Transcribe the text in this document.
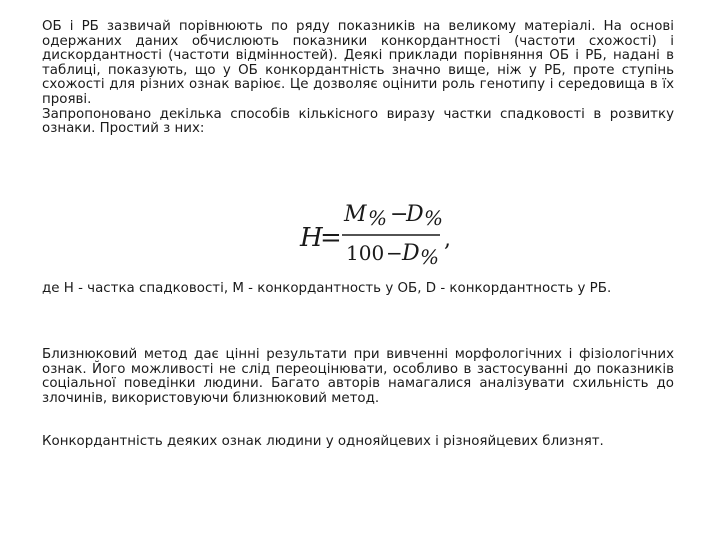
ОБ і РБ зазвичай порівнюють по ряду показників на великому матеріалі. На основі одержаних даних обчислюють показники конкордантності (частоти схожості) і дискордантності (частоти відмінностей). Деякі приклади порівняння ОБ і РБ, надані в таблиці, показують, що у ОБ конкордантність значно вище, ніж у РБ, проте ступінь схожості для різних ознак варіює. Це дозволяє оцінити роль генотипу і середовища в їх прояві.

Запропоновано декілька способів кількісного виразу частки спадковості в розвитку ознаки. Простий з них:

H
=
M % −
D %
100 − D %
,

де Н - частка спадковості, М - конкордантность у ОБ, D - конкордантность у РБ.

Близнюковий метод дає цінні результати при вивченні морфологічних і фізіологічних ознак. Його можливості не слід переоцінювати, особливо в застосуванні до показників соціальної поведінки людини. Багато авторів намагалися аналізувати схильність до злочинів, використовуючи близнюковий метод.

Конкордантність деяких ознак людини у однояйцевих і різнояйцевих близнят.
